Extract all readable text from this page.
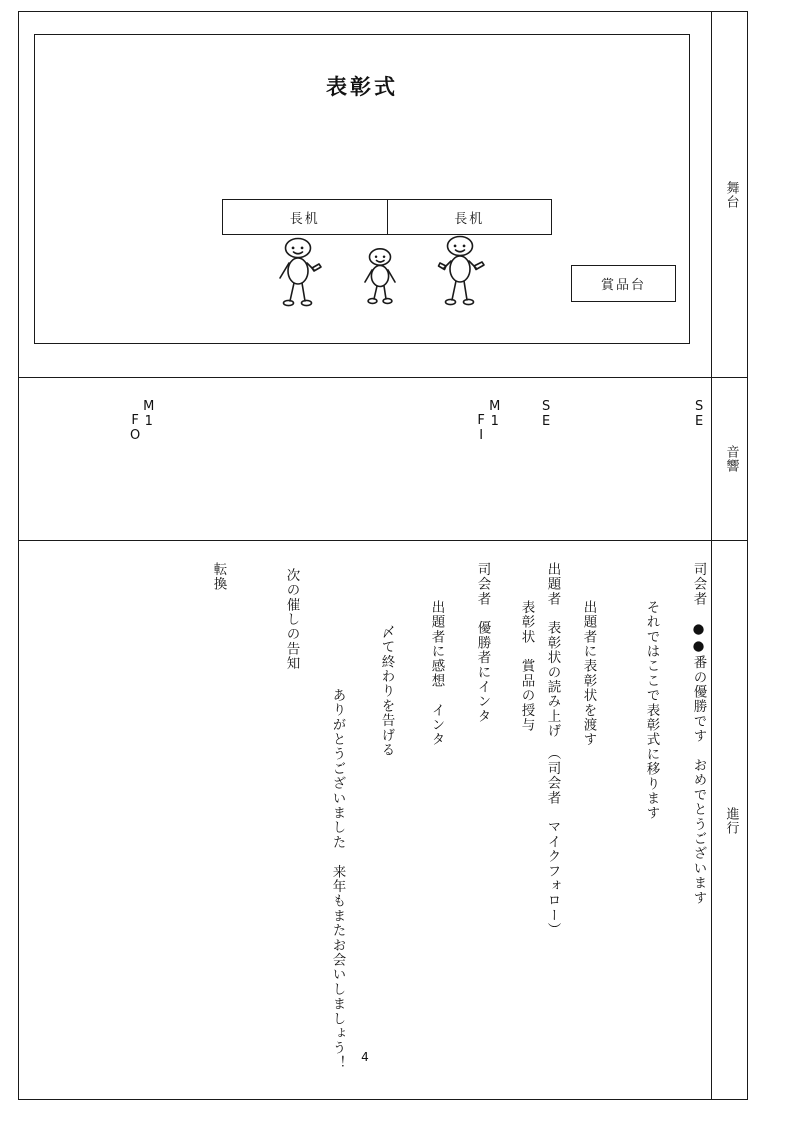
表彰式
長机	長机
賞品台
舞台
音響
進行
M1
FO	M1
FI	SE	SE
4
司会者　●●番の優勝です　おめでとうございます
それではここで表彰式に移ります
出題者に表彰状を渡す
出題者　表彰状の読み上げ　（司会者　マイクフォロー）
表彰状　賞品の授与
司会者　優勝者にインタ
出題者に感想　インタ
〆て終わりを告げる
ありがとうございました　来年もまたお会いしましょう！
次の催しの告知
転換
